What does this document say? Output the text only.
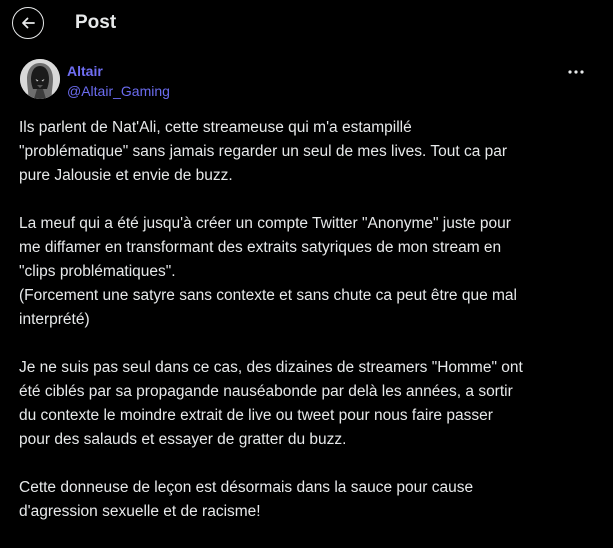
Post
Altair
@Altair_Gaming

Ils parlent de Nat'Ali, cette streameuse qui m'a estampillé
"problématique" sans jamais regarder un seul de mes lives. Tout ca par
pure Jalousie et envie de buzz.

La meuf qui a été jusqu'à créer un compte Twitter "Anonyme" juste pour
me diffamer en transformant des extraits satyriques de mon stream en
"clips problématiques".
(Forcement une satyre sans contexte et sans chute ca peut être que mal
interprété)

Je ne suis pas seul dans ce cas, des dizaines de streamers "Homme" ont
été ciblés par sa propagande nauséabonde par delà les années, a sortir
du contexte le moindre extrait de live ou tweet pour nous faire passer
pour des salauds et essayer de gratter du buzz.

Cette donneuse de leçon est désormais dans la sauce pour cause
d'agression sexuelle et de racisme!
